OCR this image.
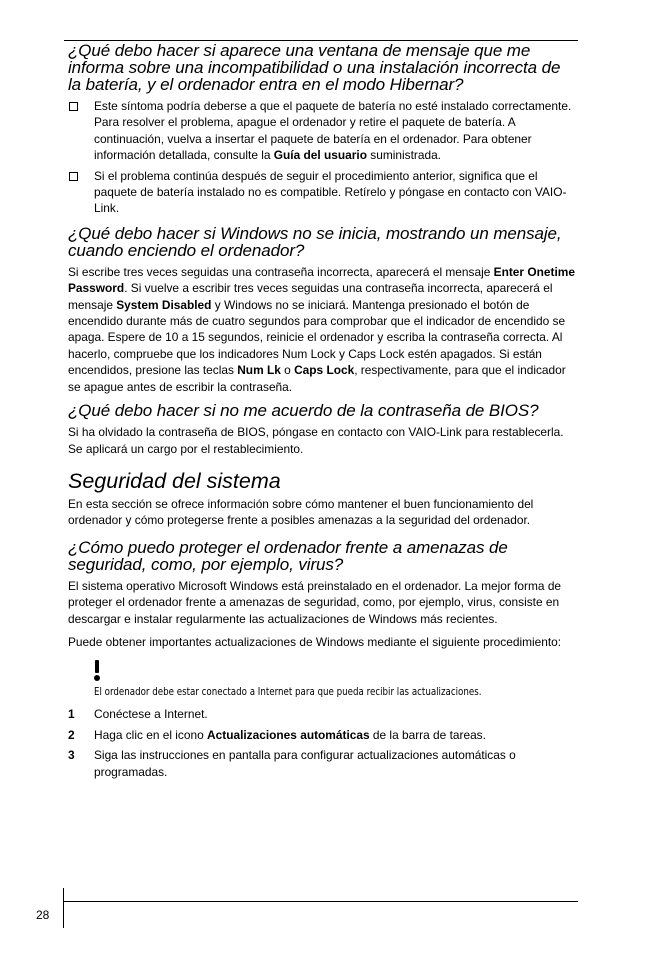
¿Qué debo hacer si aparece una ventana de mensaje que me informa sobre una incompatibilidad o una instalación incorrecta de la batería, y el ordenador entra en el modo Hibernar?
Este síntoma podría deberse a que el paquete de batería no esté instalado correctamente. Para resolver el problema, apague el ordenador y retire el paquete de batería. A continuación, vuelva a insertar el paquete de batería en el ordenador. Para obtener información detallada, consulte la Guía del usuario suministrada.
Si el problema continúa después de seguir el procedimiento anterior, significa que el paquete de batería instalado no es compatible. Retírelo y póngase en contacto con VAIO-Link.
¿Qué debo hacer si Windows no se inicia, mostrando un mensaje, cuando enciendo el ordenador?

Si escribe tres veces seguidas una contraseña incorrecta, aparecerá el mensaje Enter Onetime Password. Si vuelve a escribir tres veces seguidas una contraseña incorrecta, aparecerá el mensaje System Disabled y Windows no se iniciará. Mantenga presionado el botón de encendido durante más de cuatro segundos para comprobar que el indicador de encendido se apaga. Espere de 10 a 15 segundos, reinicie el ordenador y escriba la contraseña correcta. Al hacerlo, compruebe que los indicadores Num Lock y Caps Lock estén apagados. Si están encendidos, presione las teclas Num Lk o Caps Lock, respectivamente, para que el indicador se apague antes de escribir la contraseña.

¿Qué debo hacer si no me acuerdo de la contraseña de BIOS?

Si ha olvidado la contraseña de BIOS, póngase en contacto con VAIO-Link para restablecerla. Se aplicará un cargo por el restablecimiento.

Seguridad del sistema

En esta sección se ofrece información sobre cómo mantener el buen funcionamiento del ordenador y cómo protegerse frente a posibles amenazas a la seguridad del ordenador.

¿Cómo puedo proteger el ordenador frente a amenazas de seguridad, como, por ejemplo, virus?

El sistema operativo Microsoft Windows está preinstalado en el ordenador. La mejor forma de proteger el ordenador frente a amenazas de seguridad, como, por ejemplo, virus, consiste en descargar e instalar regularmente las actualizaciones de Windows más recientes.

Puede obtener importantes actualizaciones de Windows mediante el siguiente procedimiento:

El ordenador debe estar conectado a Internet para que pueda recibir las actualizaciones.
1 Conéctese a Internet.
2 Haga clic en el icono Actualizaciones automáticas de la barra de tareas.
3 Siga las instrucciones en pantalla para configurar actualizaciones automáticas o programadas.
28
